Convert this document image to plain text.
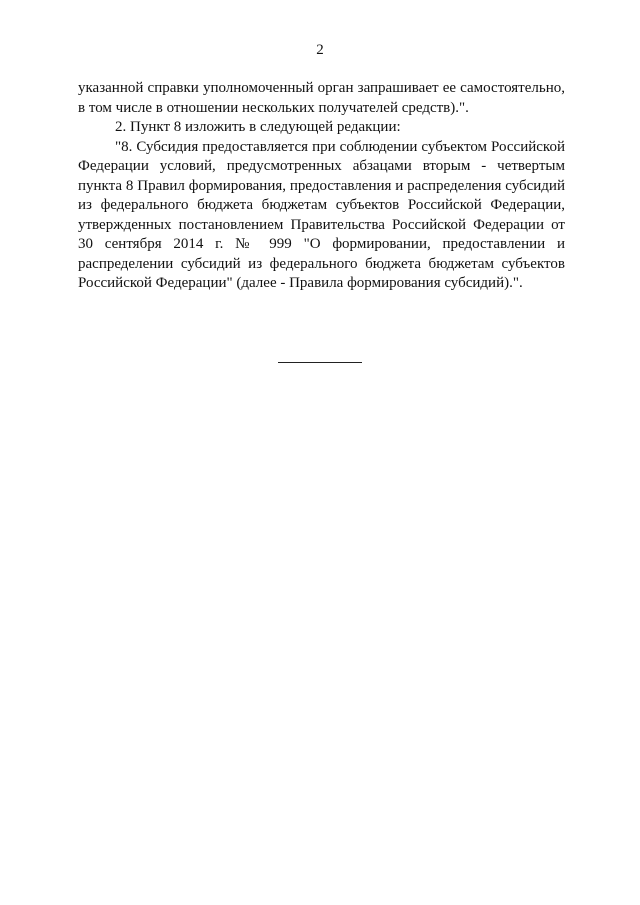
2

указанной справки уполномоченный орган запрашивает ее самостоятельно, в том числе в отношении нескольких получателей средств).".

2. Пункт 8 изложить в следующей редакции:

"8. Субсидия предоставляется при соблюдении субъектом Российской Федерации условий, предусмотренных абзацами вторым - четвертым пункта 8 Правил формирования, предоставления и распределения субсидий из федерального бюджета бюджетам субъектов Российской Федерации, утвержденных постановлением Правительства Российской Федерации от 30 сентября 2014 г. № 999 "О формировании, предоставлении и распределении субсидий из федерального бюджета бюджетам субъектов Российской Федерации" (далее - Правила формирования субсидий).".
